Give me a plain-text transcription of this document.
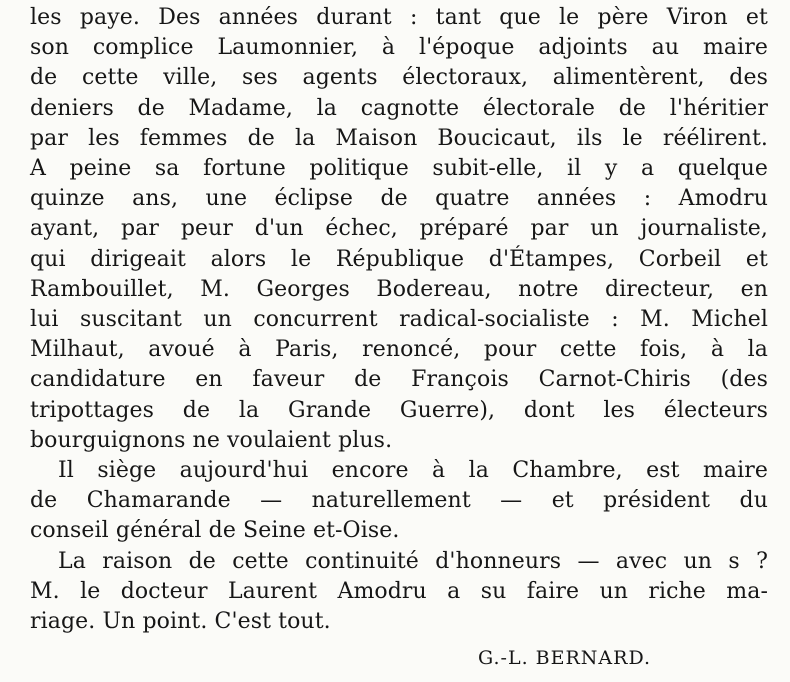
les paye. Des années durant : tant que le père Viron et
son complice Laumonnier, à l'époque adjoints au maire
de cette ville, ses agents électoraux, alimentèrent, des
deniers de Madame, la cagnotte électorale de l'héritier
par les femmes de la Maison Boucicaut, ils le réélirent.
A peine sa fortune politique subit-elle, il y a quelque
quinze ans, une éclipse de quatre années : Amodru
ayant, par peur d'un échec, préparé par un journaliste,
qui dirigeait alors le République d'Étampes, Corbeil et
Rambouillet, M. Georges Bodereau, notre directeur, en
lui suscitant un concurrent radical-socialiste : M. Michel
Milhaut, avoué à Paris, renoncé, pour cette fois, à la
candidature en faveur de François Carnot-Chiris (des
tripottages de la Grande Guerre), dont les électeurs
bourguignons ne voulaient plus.
Il siège aujourd'hui encore à la Chambre, est maire
de Chamarande — naturellement — et président du
conseil général de Seine et-Oise.
La raison de cette continuité d'honneurs — avec un s ?
M. le docteur Laurent Amodru a su faire un riche ma-
riage. Un point. C'est tout.
G.-L. BERNARD.
